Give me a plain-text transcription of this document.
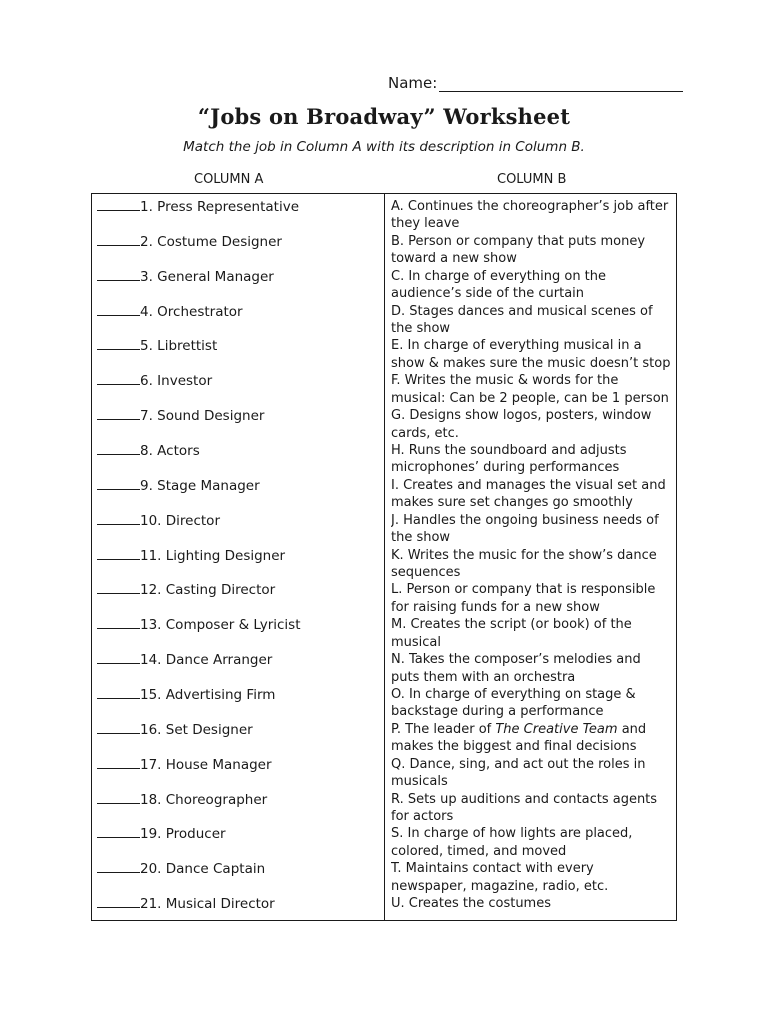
Name:
“Jobs on Broadway” Worksheet
Match the job in Column A with its description in Column B.
COLUMN A	COLUMN B
1. Press Representative
2. Costume Designer
3. General Manager
4. Orchestrator
5. Librettist
6. Investor
7. Sound Designer
8. Actors
9. Stage Manager
10. Director
11. Lighting Designer
12. Casting Director
13. Composer & Lyricist
14. Dance Arranger
15. Advertising Firm
16. Set Designer
17. House Manager
18. Choreographer
19. Producer
20. Dance Captain
21. Musical Director
A. Continues the choreographer’s job after they leave
B. Person or company that puts money toward a new show
C. In charge of everything on the audience’s side of the curtain
D. Stages dances and musical scenes of the show
E. In charge of everything musical in a show & makes sure the music doesn’t stop
F. Writes the music & words for the musical: Can be 2 people, can be 1 person
G. Designs show logos, posters, window cards, etc.
H. Runs the soundboard and adjusts microphones’ during performances
I. Creates and manages the visual set and makes sure set changes go smoothly
J. Handles the ongoing business needs of the show
K. Writes the music for the show’s dance sequences
L. Person or company that is responsible for raising funds for a new show
M. Creates the script (or book) of the musical
N. Takes the composer’s melodies and puts them with an orchestra
O. In charge of everything on stage & backstage during a performance
P. The leader of The Creative Team and makes the biggest and final decisions
Q. Dance, sing, and act out the roles in musicals
R. Sets up auditions and contacts agents for actors
S. In charge of how lights are placed, colored, timed, and moved
T. Maintains contact with every newspaper, magazine, radio, etc.
U. Creates the costumes
